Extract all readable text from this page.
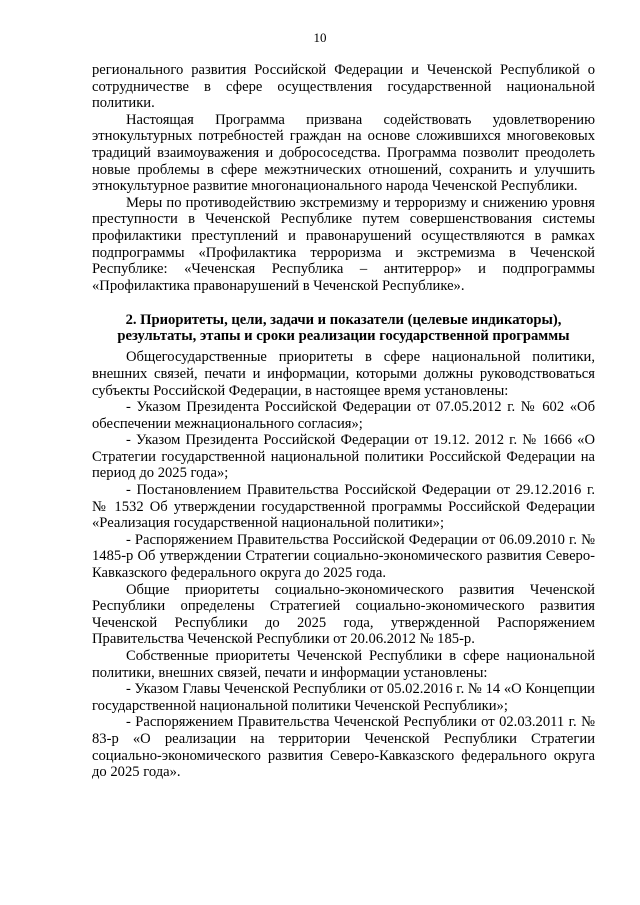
10

регионального развития Российской Федерации и Чеченской Республикой о сотрудничестве в сфере осуществления государственной национальной политики.

Настоящая Программа призвана содействовать удовлетворению этнокультурных потребностей граждан на основе сложившихся многовековых традиций взаимоуважения и добрососедства. Программа позволит преодолеть новые проблемы в сфере межэтнических отношений, сохранить и улучшить этнокультурное развитие многонационального народа Чеченской Республики.

Меры по противодействию экстремизму и терроризму и снижению уровня преступности в Чеченской Республике путем совершенствования системы профилактики преступлений и правонарушений осуществляются в рамках подпрограммы «Профилактика терроризма и экстремизма в Чеченской Республике: «Чеченская Республика – антитеррор» и подпрограммы «Профилактика правонарушений в Чеченской Республике».

2. Приоритеты, цели, задачи и показатели (целевые индикаторы), результаты, этапы и сроки реализации государственной программы

Общегосударственные приоритеты в сфере национальной политики, внешних связей, печати и информации, которыми должны руководствоваться субъекты Российской Федерации, в настоящее время установлены:

- Указом Президента Российской Федерации от 07.05.2012 г. № 602 «Об обеспечении межнационального согласия»;

- Указом Президента Российской Федерации от 19.12. 2012 г. № 1666 «О Стратегии государственной национальной политики Российской Федерации на период до 2025 года»;

- Постановлением Правительства Российской Федерации от 29.12.2016 г. № 1532 Об утверждении государственной программы Российской Федерации «Реализация государственной национальной политики»;

- Распоряжением Правительства Российской Федерации от 06.09.2010 г. № 1485-р Об утверждении Стратегии социально-экономического развития Северо-Кавказского федерального округа до 2025 года.

Общие приоритеты социально-экономического развития Чеченской Республики определены Стратегией социально-экономического развития Чеченской Республики до 2025 года, утвержденной Распоряжением Правительства Чеченской Республики от 20.06.2012 № 185-р.

Собственные приоритеты Чеченской Республики в сфере национальной политики, внешних связей, печати и информации установлены:

- Указом Главы Чеченской Республики от 05.02.2016 г. № 14 «О Концепции государственной национальной политики Чеченской Республики»;

- Распоряжением Правительства Чеченской Республики от 02.03.2011 г. № 83-р «О реализации на территории Чеченской Республики Стратегии социально-экономического развития Северо-Кавказского федерального округа до 2025 года».
